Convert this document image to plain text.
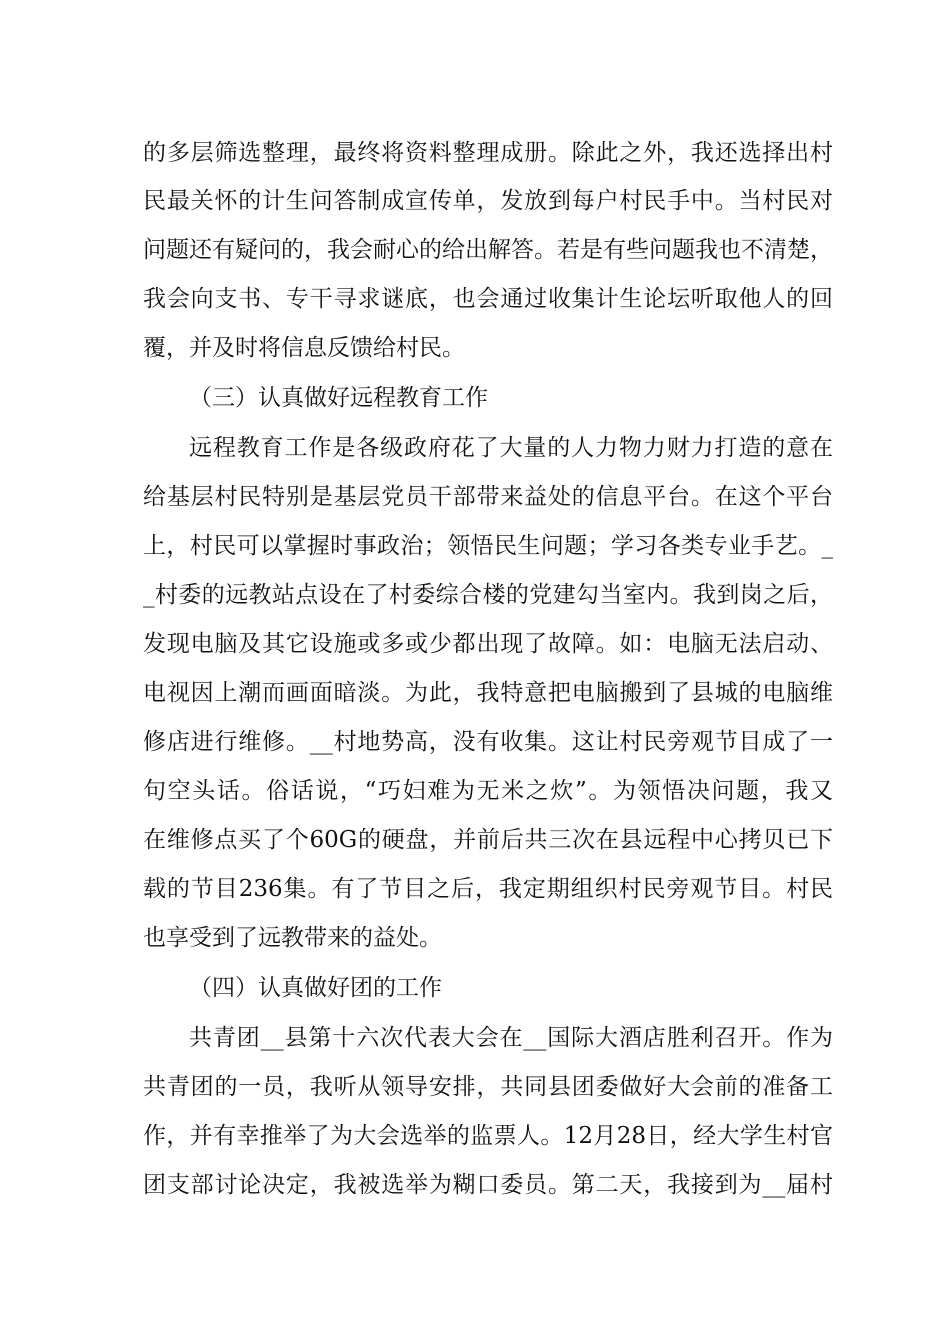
的多层筛选整理，最终将资料整理成册。除此之外，我还选择出村
民最关怀的计生问答制成宣传单，发放到每户村民手中。当村民对
问题还有疑问的，我会耐心的给出解答。若是有些问题我也不清楚，
我会向支书、专干寻求谜底，也会通过收集计生论坛听取他人的回
覆，并及时将信息反馈给村民。
（三）认真做好远程教育工作
远程教育工作是各级政府花了大量的人力物力财力打造的意在
给基层村民特别是基层党员干部带来益处的信息平台。在这个平台
上，村民可以掌握时事政治；领悟民生问题；学习各类专业手艺。_
_村委的远教站点设在了村委综合楼的党建勾当室内。我到岗之后，
发现电脑及其它设施或多或少都出现了故障。如：电脑无法启动、
电视因上潮而画面暗淡。为此，我特意把电脑搬到了县城的电脑维
修店进行维修。__村地势高，没有收集。这让村民旁观节目成了一
句空头话。俗话说，“巧妇难为无米之炊”。为领悟决问题，我又
在维修点买了个60G的硬盘，并前后共三次在县远程中心拷贝已下
载的节目236集。有了节目之后，我定期组织村民旁观节目。村民
也享受到了远教带来的益处。
（四）认真做好团的工作
共青团__县第十六次代表大会在__国际大酒店胜利召开。作为
共青团的一员，我听从领导安排，共同县团委做好大会前的准备工
作，并有幸推举了为大会选举的监票人。12月28日，经大学生村官
团支部讨论决定，我被选举为糊口委员。第二天，我接到为__届村
